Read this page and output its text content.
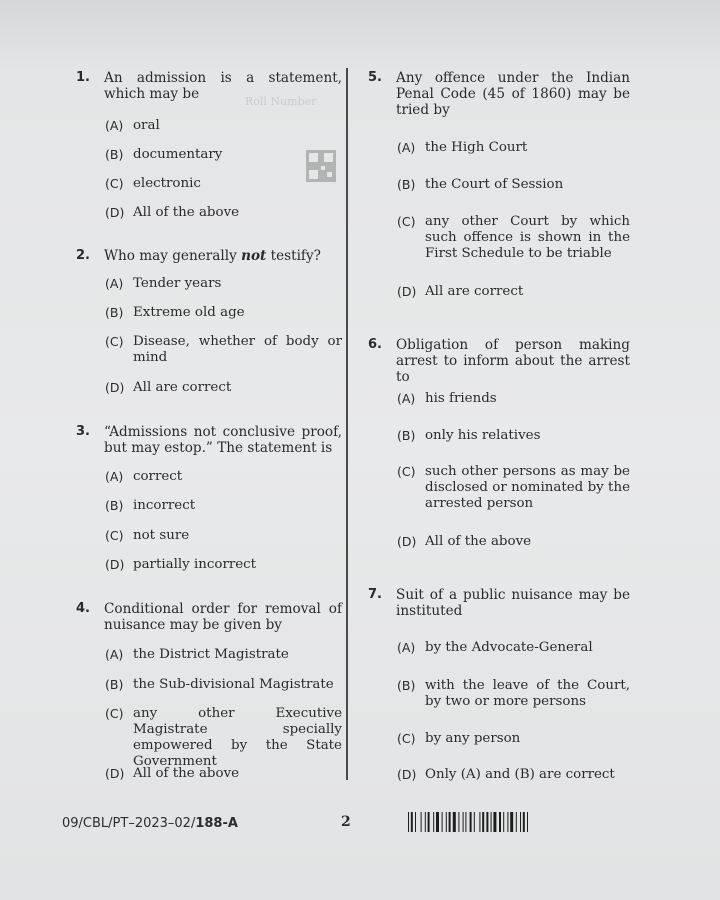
Roll Number
1.	An admission is a statement, which may be
(A) oral
(B) documentary
(C) electronic
(D) All of the above
2.	Who may generally not testify?
(A) Tender years
(B) Extreme old age
(C) Disease, whether of body or mind
(D) All are correct
3.	“Admissions not conclusive proof, but may estop.” The statement is
(A) correct
(B) incorrect
(C) not sure
(D) partially incorrect
4.	Conditional order for removal of nuisance may be given by
(A) the District Magistrate
(B) the Sub-divisional Magistrate
(C) any other Executive Magistrate specially empowered by the State Government
(D) All of the above
5.	Any offence under the Indian Penal Code (45 of 1860) may be tried by
(A) the High Court
(B) the Court of Session
(C) any other Court by which such offence is shown in the First Schedule to be triable
(D) All are correct
6.	Obligation of person making arrest to inform about the arrest to
(A) his friends
(B) only his relatives
(C) such other persons as may be disclosed or nominated by the arrested person
(D) All of the above
7.	Suit of a public nuisance may be instituted
(A) by the Advocate-General
(B) with the leave of the Court, by two or more persons
(C) by any person
(D) Only (A) and (B) are correct
09/CBL/PT–2023–02/188-A	2
